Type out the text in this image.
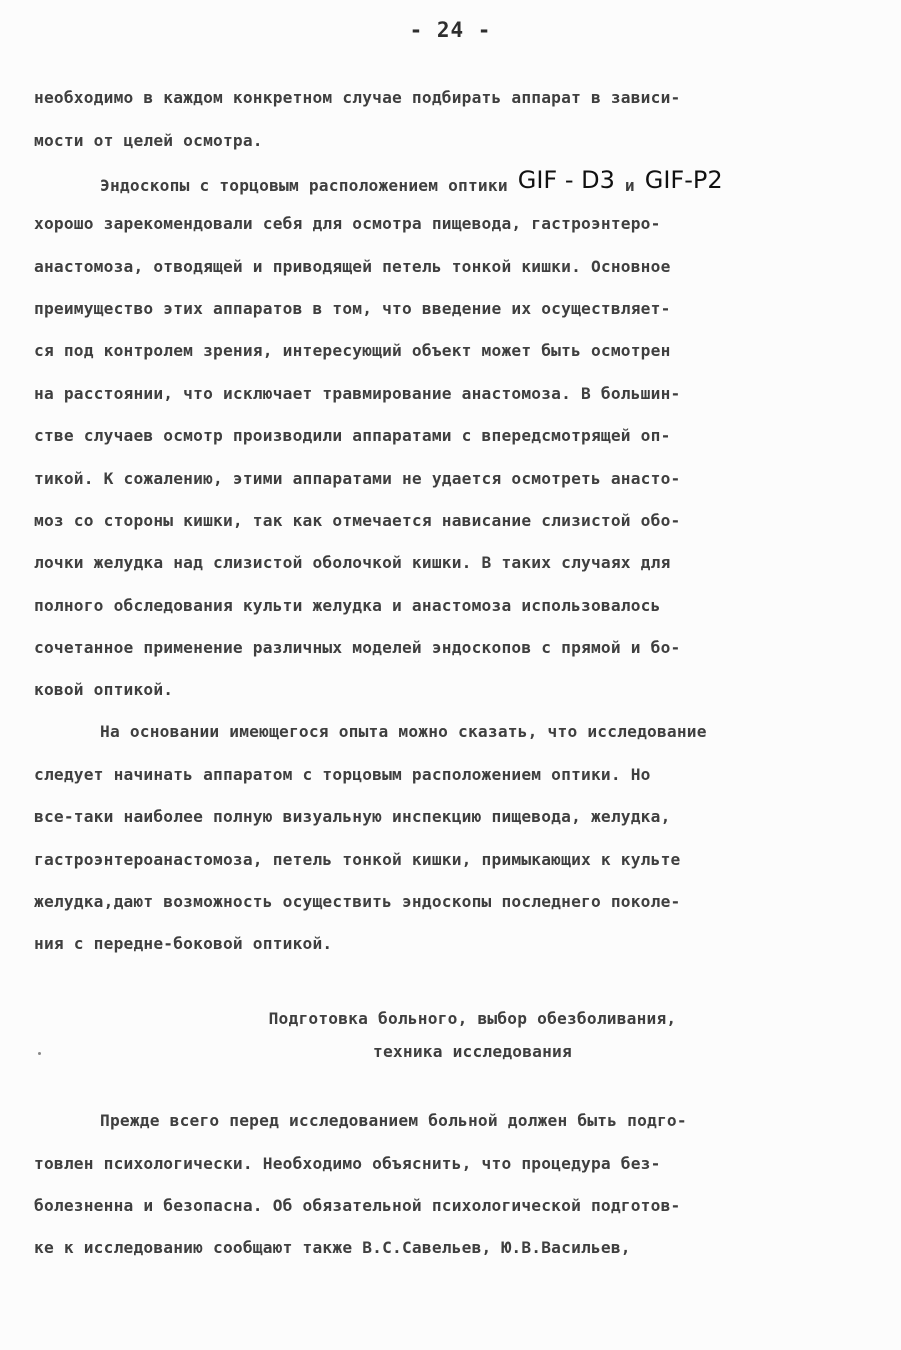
- 24 -
необходимо в каждом конкретном случае подбирать аппарат в зависи-
мости от целей осмотра.
Эндоскопы с торцовым расположением оптики GIF - D3 и GIF-P2
хорошо зарекомендовали себя для осмотра пищевода, гастроэнтеро-
анастомоза, отводящей и приводящей петель тонкой кишки. Основное
преимущество этих аппаратов в том, что введение их осуществляет-
ся под контролем зрения, интересующий объект может быть осмотрен
на расстоянии, что исключает травмирование анастомоза. В большин-
стве случаев осмотр производили аппаратами с впередсмотрящей оп-
тикой. К сожалению, этими аппаратами не удается осмотреть анасто-
моз со стороны кишки, так как отмечается нависание слизистой обо-
лочки желудка над слизистой оболочкой кишки. В таких случаях для
полного обследования культи желудка и анастомоза использовалось
сочетанное применение различных моделей эндоскопов с прямой и бо-
ковой оптикой.
На основании имеющегося опыта можно сказать, что исследование
следует начинать аппаратом с торцовым расположением оптики. Но
все-таки наиболее полную визуальную инспекцию пищевода, желудка,
гастроэнтероанастомоза, петель тонкой кишки, примыкающих к культе
желудка,дают возможность осуществить эндоскопы последнего поколе-
ния с передне-боковой оптикой.
Подготовка больного, выбор обезболивания,
техника исследования
Прежде всего перед исследованием больной должен быть подго-
товлен психологически. Необходимо объяснить, что процедура без-
болезненна и безопасна. Об обязательной психологической подготов-
ке к исследованию сообщают также В.С.Савельев, Ю.В.Васильев,
